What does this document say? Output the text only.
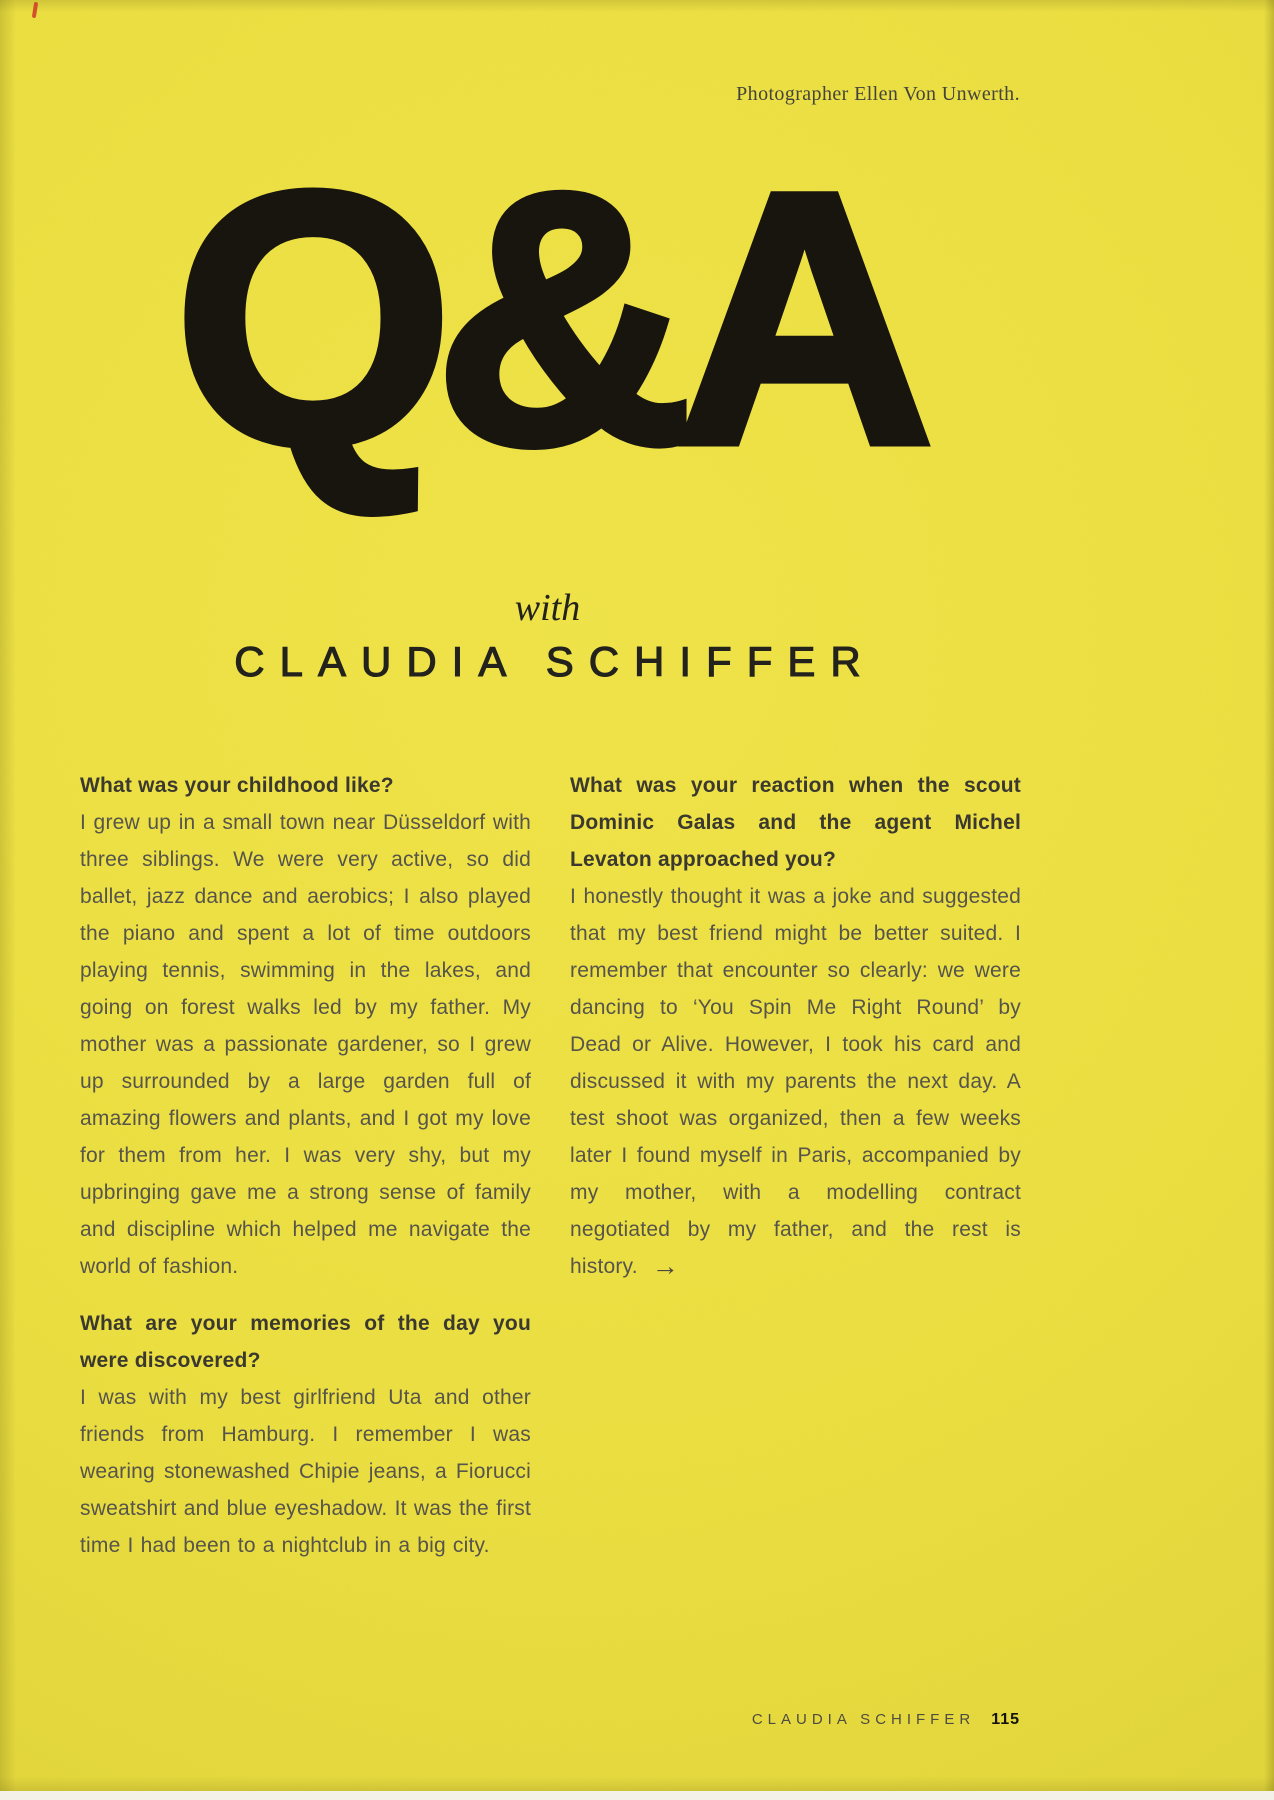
Photographer Ellen Von Unwerth.
Q&A
with
CLAUDIA SCHIFFER

What was your childhood like?

I grew up in a small town near Düsseldorf with three siblings. We were very active, so did ballet, jazz dance and aerobics; I also played the piano and spent a lot of time outdoors playing tennis, swimming in the lakes, and going on forest walks led by my father. My mother was a passionate gardener, so I grew up surrounded by a large garden full of amazing flowers and plants, and I got my love for them from her. I was very shy, but my upbringing gave me a strong sense of family and discipline which helped me navigate the world of fashion.

What are your memories of the day you were discovered?

I was with my best girlfriend Uta and other friends from Hamburg. I remember I was wearing stonewashed Chipie jeans, a Fiorucci sweatshirt and blue eyeshadow. It was the first time I had been to a nightclub in a big city.

What was your reaction when the scout Dominic Galas and the agent Michel Levaton approached you?

I honestly thought it was a joke and suggested that my best friend might be better suited. I remember that encounter so clearly: we were dancing to ‘You Spin Me Right Round’ by Dead or Alive. However, I took his card and discussed it with my parents the next day. A test shoot was organized, then a few weeks later I found myself in Paris, accompanied by my mother, with a modelling contract negotiated by my father, and the rest is history. →

CLAUDIA SCHIFFER 115
